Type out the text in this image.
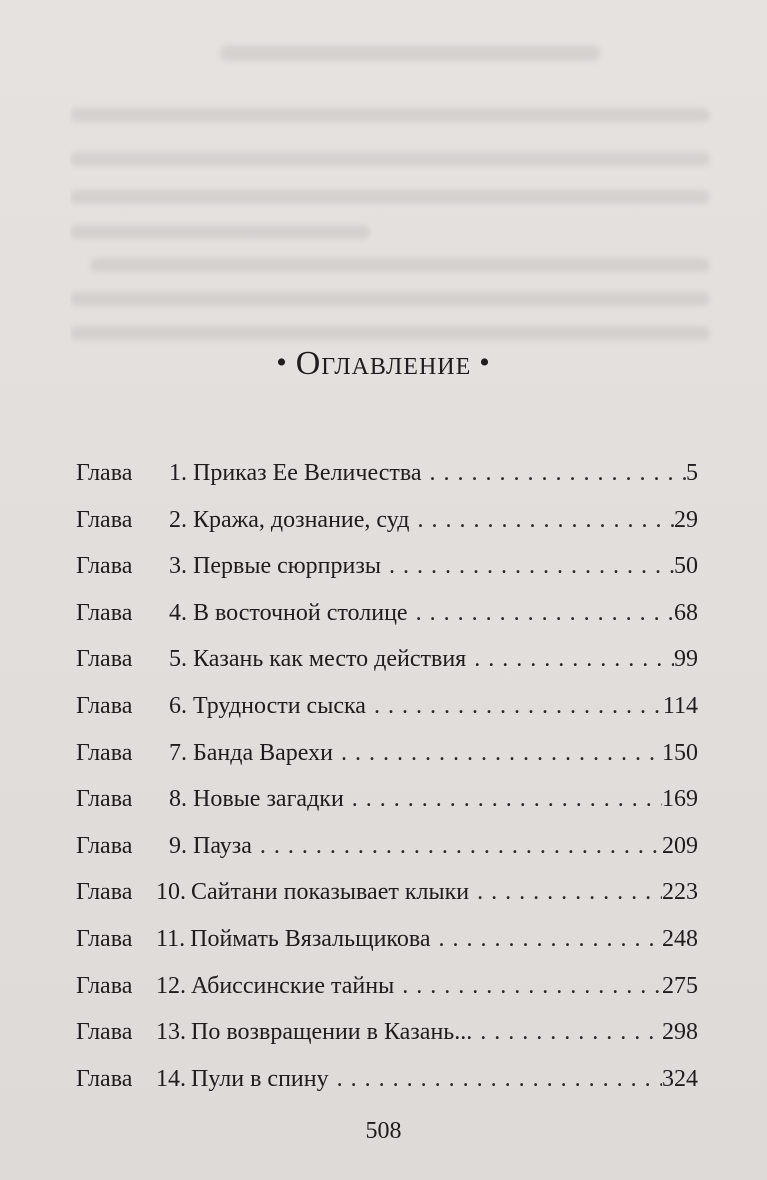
• Оглавление •
Глава	1. Приказ Ее Величества . . .	5
Глава	2. Кража, дознание, суд . . .	29
Глава	3. Первые сюрпризы . . .	50
Глава	4. В восточной столице . . .	68
Глава	5. Казань как место действия . . .	99
Глава	6. Трудности сыска . . .	114
Глава	7. Банда Варехи . . .	150
Глава	8. Новые загадки . . .	169
Глава	9. Пауза . . .	209
Глава 10. Сайтани показывает клыки . . .	223
Глава 11. Поймать Вязальщикова . . .	248
Глава 12. Абиссинские тайны . . .	275
Глава 13. По возвращении в Казань... . . .	298
Глава 14. Пули в спину . . .	324
508
